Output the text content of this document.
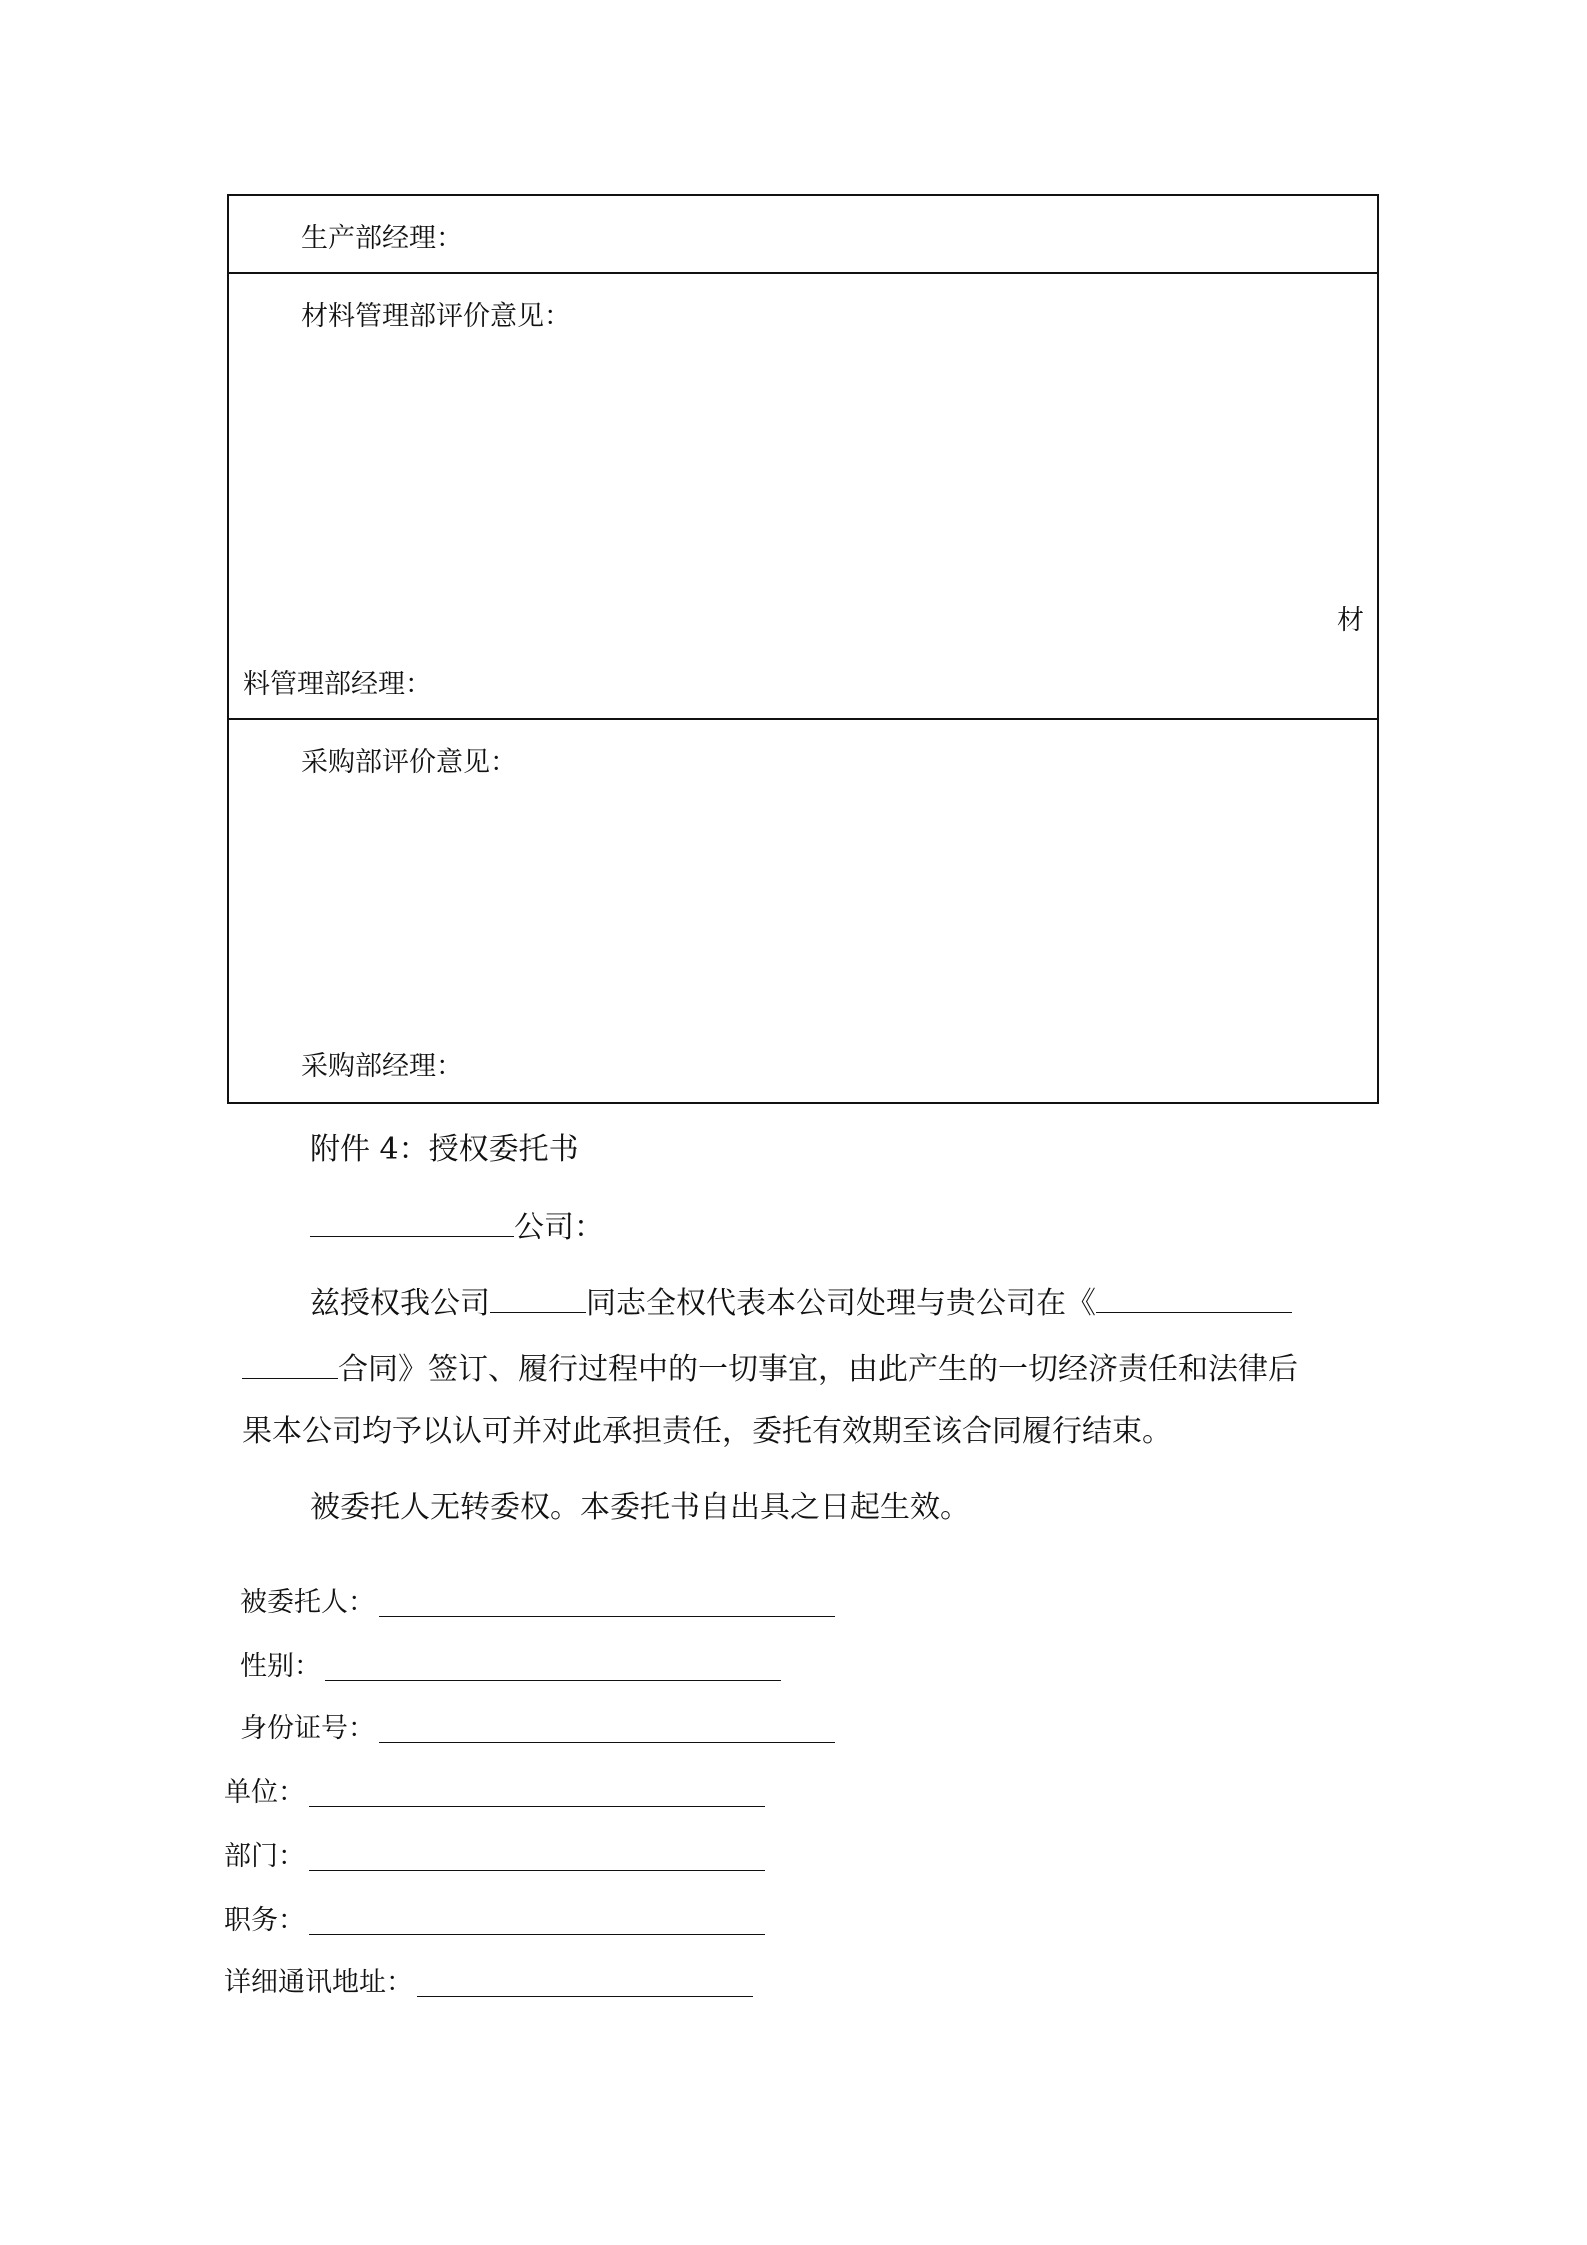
生产部经理：
材料管理部评价意见：
材
料管理部经理：
采购部评价意见：
采购部经理：
附件 4：授权委托书
公司：
兹授权我公司	同志全权代表本公司处理与贵公司在《
合同》签订、履行过程中的一切事宜，由此产生的一切经济责任和法律后
果本公司均予以认可并对此承担责任，委托有效期至该合同履行结束。
被委托人无转委权。本委托书自出具之日起生效。
被委托人：
性别：
身份证号：
单位：
部门：
职务：
详细通讯地址：
